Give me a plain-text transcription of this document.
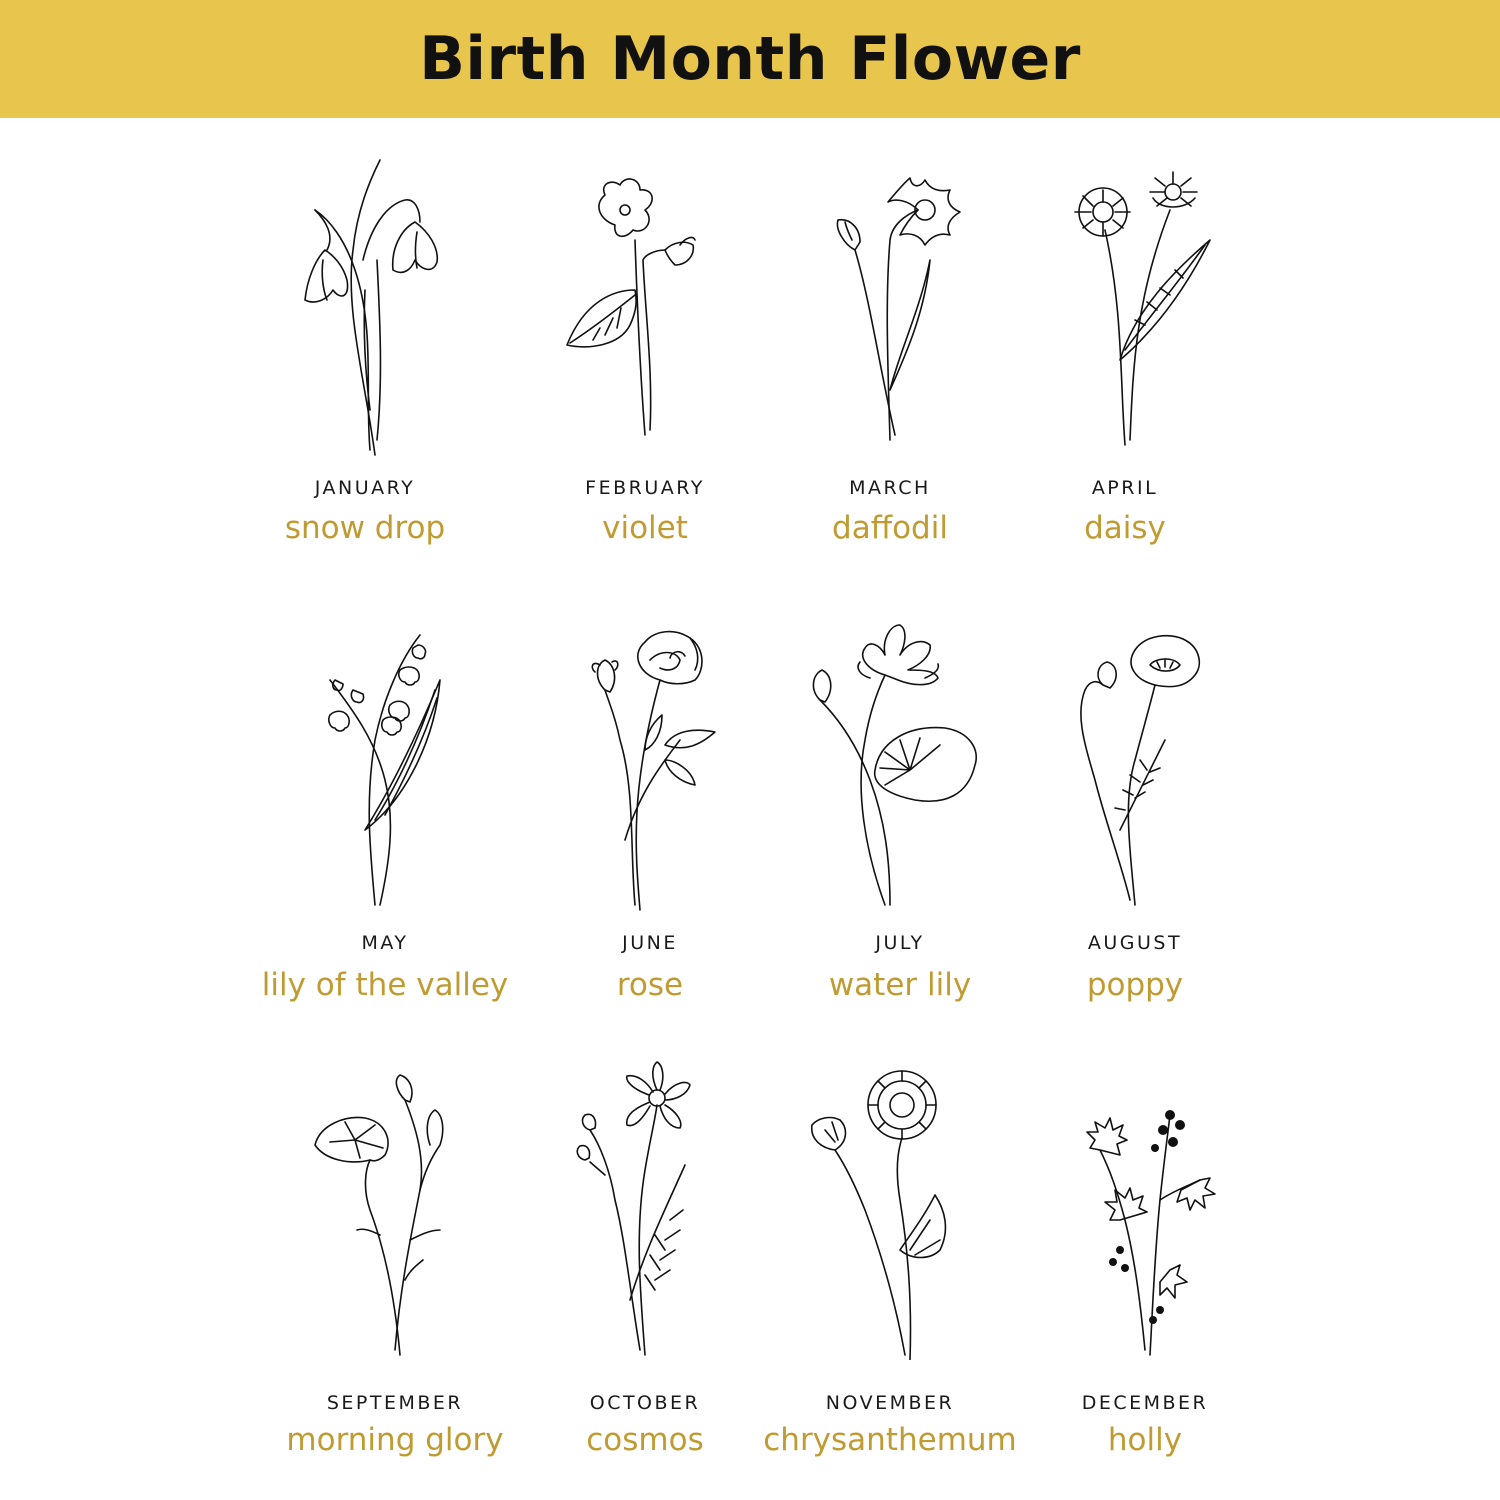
Birth Month Flower
JANUARY
snow drop
FEBRUARY
violet
MARCH
daffodil
APRIL
daisy
MAY
lily of the valley
JUNE
rose
JULY
water lily
AUGUST
poppy
SEPTEMBER
morning glory
OCTOBER
cosmos
NOVEMBER
chrysanthemum
DECEMBER
holly
